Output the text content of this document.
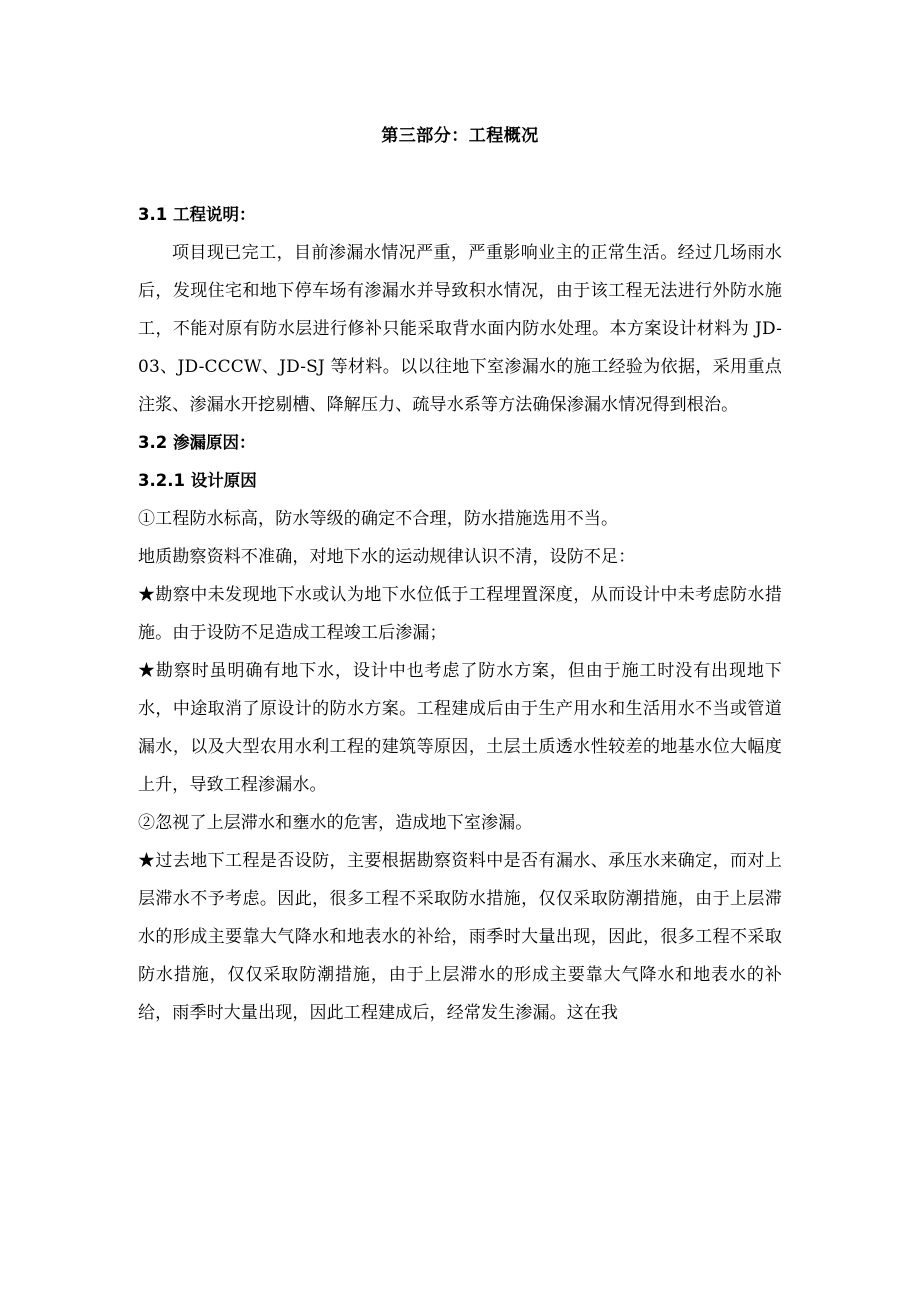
第三部分：工程概况

3.1 工程说明：

项目现已完工，目前渗漏水情况严重，严重影响业主的正常生活。经过几场雨水后，发现住宅和地下停车场有渗漏水并导致积水情况，由于该工程无法进行外防水施工，不能对原有防水层进行修补只能采取背水面内防水处理。本方案设计材料为 JD-03、JD-CCCW、JD-SJ 等材料。以以往地下室渗漏水的施工经验为依据，采用重点注浆、渗漏水开挖剔槽、降解压力、疏导水系等方法确保渗漏水情况得到根治。

3.2 渗漏原因：

3.2.1 设计原因

①工程防水标高，防水等级的确定不合理，防水措施选用不当。

地质勘察资料不准确，对地下水的运动规律认识不清，设防不足：

★勘察中未发现地下水或认为地下水位低于工程埋置深度，从而设计中未考虑防水措施。由于设防不足造成工程竣工后渗漏；

★勘察时虽明确有地下水，设计中也考虑了防水方案，但由于施工时没有出现地下水，中途取消了原设计的防水方案。工程建成后由于生产用水和生活用水不当或管道漏水，以及大型农用水利工程的建筑等原因，土层土质透水性较差的地基水位大幅度上升，导致工程渗漏水。

②忽视了上层滞水和壅水的危害，造成地下室渗漏。

★过去地下工程是否设防，主要根据勘察资料中是否有漏水、承压水来确定，而对上层滞水不予考虑。因此，很多工程不采取防水措施，仅仅采取防潮措施，由于上层滞水的形成主要靠大气降水和地表水的补给，雨季时大量出现，因此，很多工程不采取防水措施，仅仅采取防潮措施，由于上层滞水的形成主要靠大气降水和地表水的补给，雨季时大量出现，因此工程建成后，经常发生渗漏。这在我
